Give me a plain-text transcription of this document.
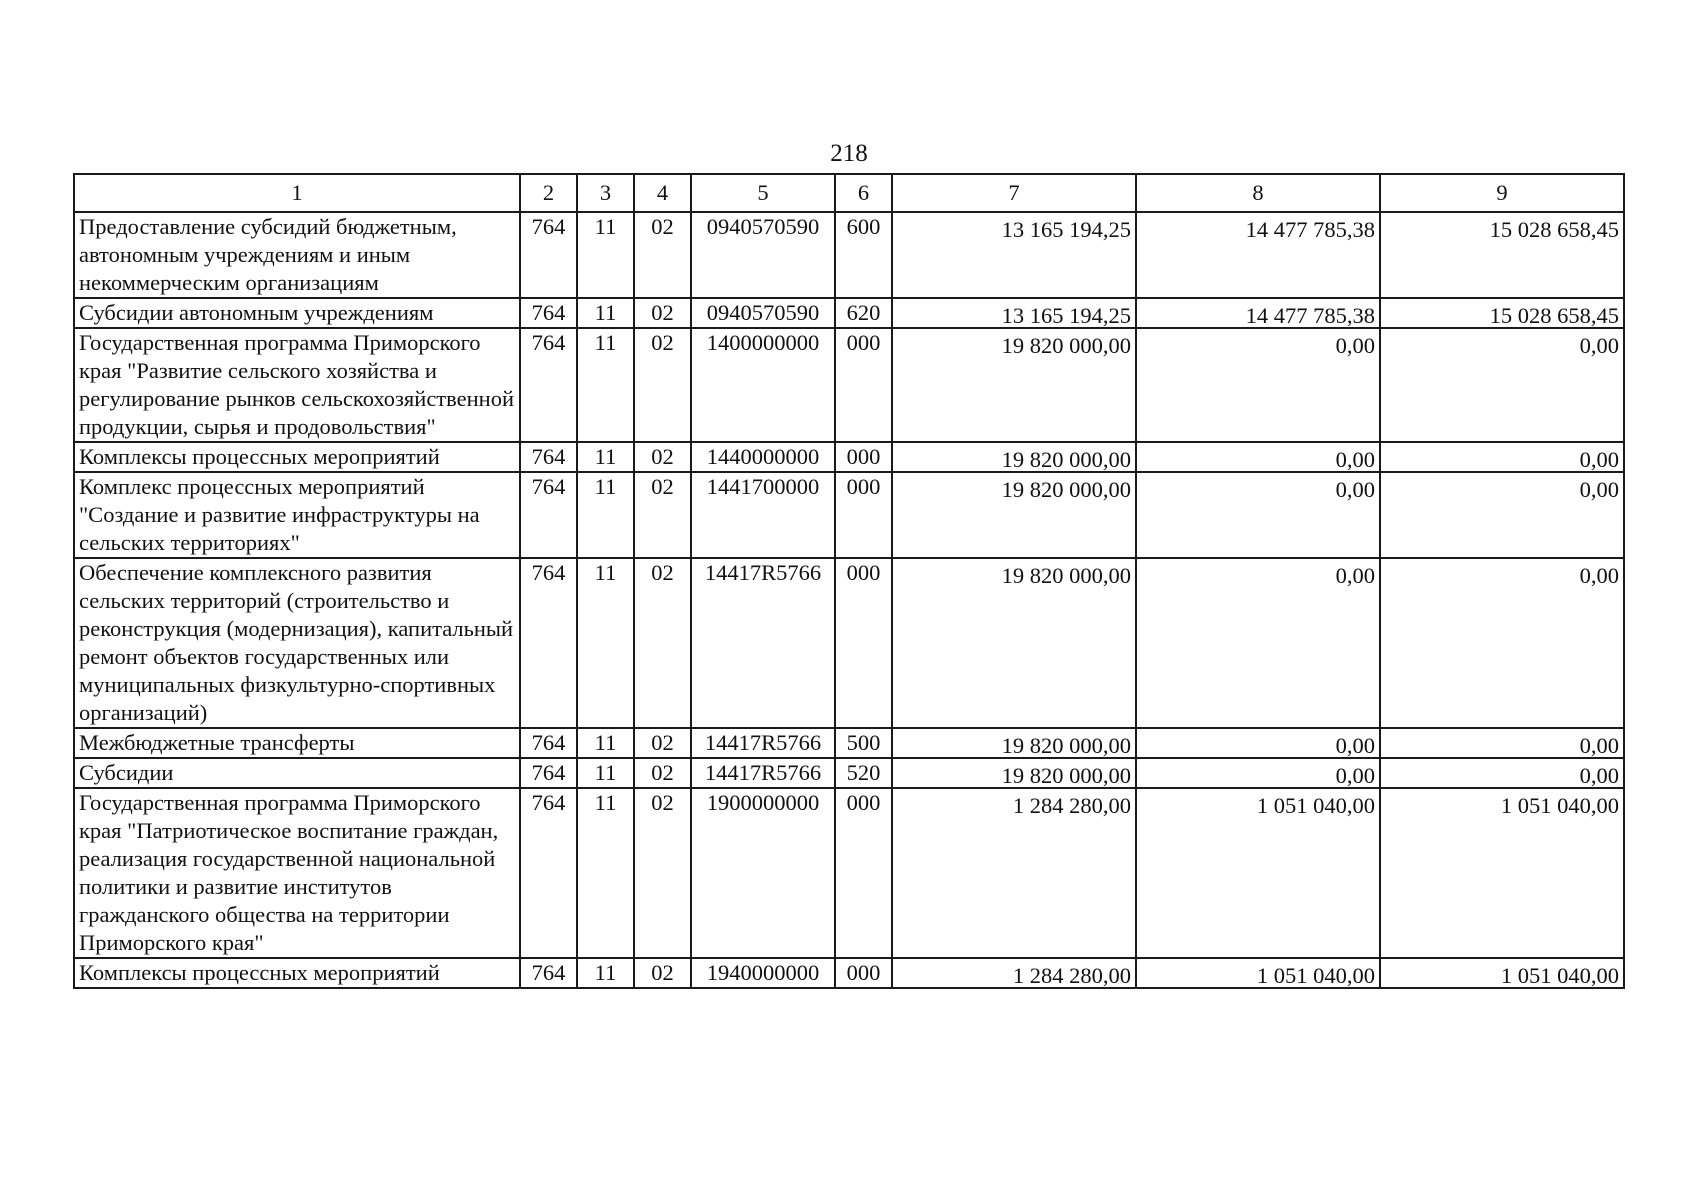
218
1	2	3	4	5	6	7	8	9
Предоставление субсидий бюджетным, автономным учреждениям и иным некоммерческим организациям	764	11	02	0940570590	600	13 165 194,25	14 477 785,38	15 028 658,45
Субсидии автономным учреждениям	764	11	02	0940570590	620	13 165 194,25	14 477 785,38	15 028 658,45
Государственная программа Приморского края "Развитие сельского хозяйства и регулирование рынков сельскохозяйственной продукции, сырья и продовольствия"	764	11	02	1400000000	000	19 820 000,00	0,00	0,00
Комплексы процессных мероприятий	764	11	02	1440000000	000	19 820 000,00	0,00	0,00
Комплекс процессных мероприятий "Создание и развитие инфраструктуры на сельских территориях"	764	11	02	1441700000	000	19 820 000,00	0,00	0,00
Обеспечение комплексного развития сельских территорий (строительство и реконструкция (модернизация), капитальный ремонт объектов государственных или муниципальных физкультурно-спортивных организаций)	764	11	02	14417R5766	000	19 820 000,00	0,00	0,00
Межбюджетные трансферты	764	11	02	14417R5766	500	19 820 000,00	0,00	0,00
Субсидии	764	11	02	14417R5766	520	19 820 000,00	0,00	0,00
Государственная программа Приморского края "Патриотическое воспитание граждан, реализация государственной национальной политики и развитие институтов гражданского общества на территории Приморского края"	764	11	02	1900000000	000	1 284 280,00	1 051 040,00	1 051 040,00
Комплексы процессных мероприятий	764	11	02	1940000000	000	1 284 280,00	1 051 040,00	1 051 040,00
